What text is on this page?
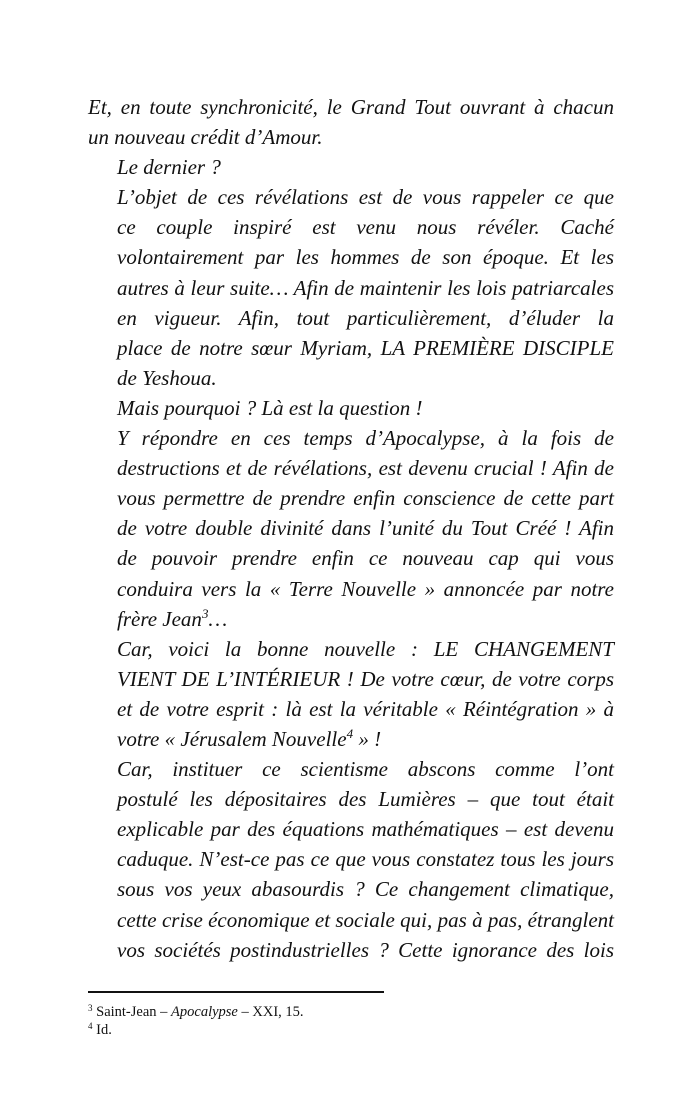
Et, en toute synchronicité, le Grand Tout ouvrant à chacun
un nouveau crédit d’Amour.

Le dernier ?

L’objet de ces révélations est de vous rappeler ce que
ce couple inspiré est venu nous révéler. Caché
volontairement par les hommes de son époque. Et les
autres à leur suite… Afin de maintenir les lois patriarcales
en vigueur. Afin, tout particulièrement, d’éluder la
place de notre sœur Myriam, LA PREMIÈRE DISCIPLE
de Yeshoua.

Mais pourquoi ? Là est la question !

Y répondre en ces temps d’Apocalypse, à la fois de
destructions et de révélations, est devenu crucial ! Afin de
vous permettre de prendre enfin conscience de cette part
de votre double divinité dans l’unité du Tout Créé ! Afin
de pouvoir prendre enfin ce nouveau cap qui vous
conduira vers la « Terre Nouvelle » annoncée par notre
frère Jean$^3$…

Car, voici la bonne nouvelle : LE CHANGEMENT
VIENT DE L’INTÉRIEUR ! De votre cœur, de votre corps
et de votre esprit : là est la véritable « Réintégration » à
votre « Jérusalem Nouvelle$^4$ » !

Car, instituer ce scientisme abscons comme l’ont
postulé les dépositaires des Lumières – que tout était
explicable par des équations mathématiques – est devenu
caduque. N’est-ce pas ce que vous constatez tous les jours
sous vos yeux abasourdis ? Ce changement climatique,
cette crise économique et sociale qui, pas à pas, étranglent
vos sociétés postindustrielles ? Cette ignorance des lois

$^3$ Saint-Jean – Apocalypse – XXI, 15.
$^4$ Id.
